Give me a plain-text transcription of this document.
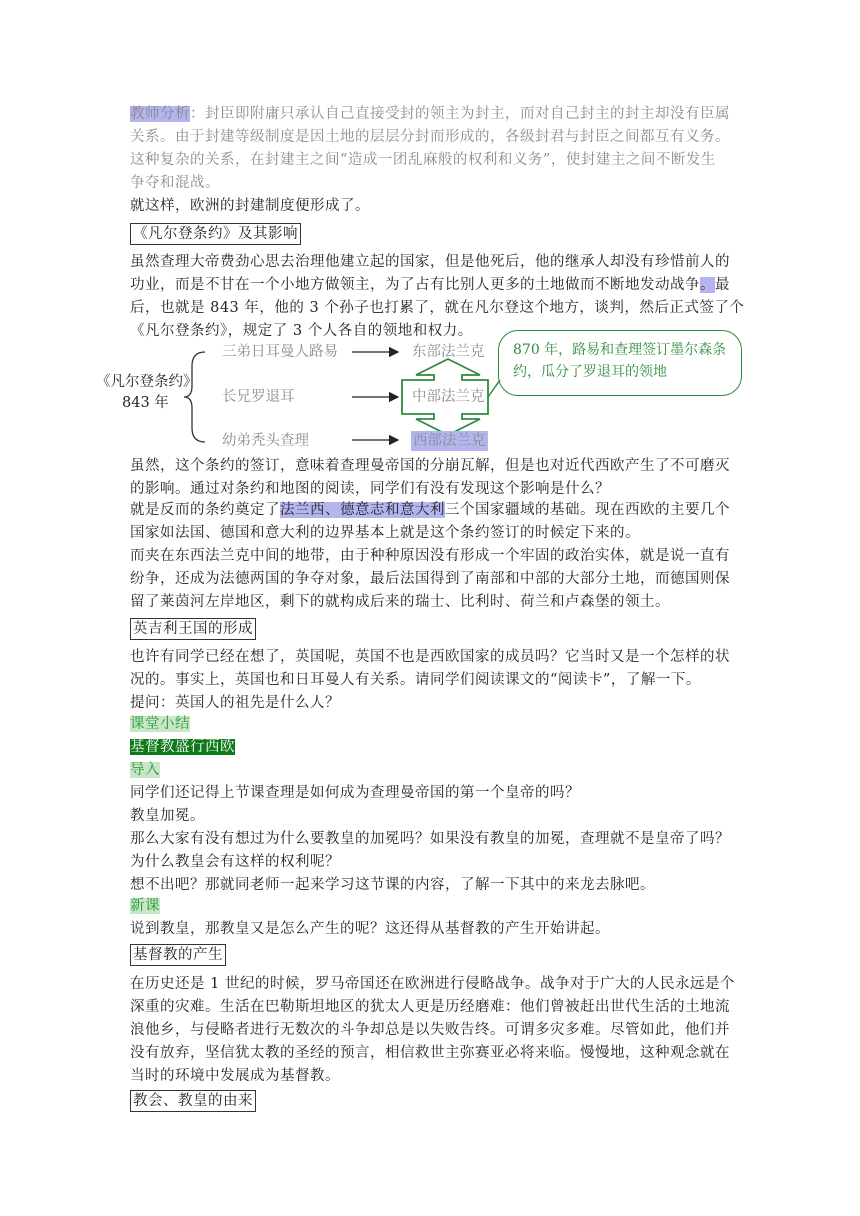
教师分析：封臣即附庸只承认自己直接受封的领主为封主，而对自己封主的封主却没有臣属
关系。由于封建等级制度是因土地的层层分封而形成的，各级封君与封臣之间都互有义务。
这种复杂的关系，在封建主之间“造成一团乱麻般的权利和义务”，使封建主之间不断发生
争夺和混战。
就这样，欧洲的封建制度便形成了。
《凡尔登条约》及其影响
虽然查理大帝费劲心思去治理他建立起的国家，但是他死后，他的继承人却没有珍惜前人的
功业，而是不甘在一个小地方做领主，为了占有比别人更多的土地做而不断地发动战争。最
后，也就是 843 年，他的 3 个孙子也打累了，就在凡尔登这个地方，谈判，然后正式签了个
《凡尔登条约》，规定了 3 个人各自的领地和权力。
《凡尔登条约》
843 年
三弟日耳曼人路易
长兄罗退耳
幼弟秃头查理
东部法兰克
中部法兰克
西部法兰克
870 年，路易和查理签订墨尔森条约，瓜分了罗退耳的领地
虽然，这个条约的签订，意味着查理曼帝国的分崩瓦解，但是也对近代西欧产生了不可磨灭
的影响。通过对条约和地图的阅读，同学们有没有发现这个影响是什么？
就是反而的条约奠定了法兰西、德意志和意大利三个国家疆域的基础。现在西欧的主要几个
国家如法国、德国和意大利的边界基本上就是这个条约签订的时候定下来的。
而夹在东西法兰克中间的地带，由于种种原因没有形成一个牢固的政治实体，就是说一直有
纷争，还成为法德两国的争夺对象，最后法国得到了南部和中部的大部分土地，而德国则保
留了莱茵河左岸地区，剩下的就构成后来的瑞士、比利时、荷兰和卢森堡的领土。
英吉利王国的形成
也许有同学已经在想了，英国呢，英国不也是西欧国家的成员吗？它当时又是一个怎样的状
况的。事实上，英国也和日耳曼人有关系。请同学们阅读课文的“阅读卡”，了解一下。
提问：英国人的祖先是什么人？
课堂小结
基督教盛行西欧
导入
同学们还记得上节课查理是如何成为查理曼帝国的第一个皇帝的吗？
教皇加冕。
那么大家有没有想过为什么要教皇的加冕吗？如果没有教皇的加冕，查理就不是皇帝了吗？
为什么教皇会有这样的权利呢？
想不出吧？那就同老师一起来学习这节课的内容，了解一下其中的来龙去脉吧。
新课
说到教皇，那教皇又是怎么产生的呢？这还得从基督教的产生开始讲起。
基督教的产生
在历史还是 1 世纪的时候，罗马帝国还在欧洲进行侵略战争。战争对于广大的人民永远是个
深重的灾难。生活在巴勒斯坦地区的犹太人更是历经磨难：他们曾被赶出世代生活的土地流
浪他乡，与侵略者进行无数次的斗争却总是以失败告终。可谓多灾多难。尽管如此，他们并
没有放弃，坚信犹太教的圣经的预言，相信救世主弥赛亚必将来临。慢慢地，这种观念就在
当时的环境中发展成为基督教。
教会、教皇的由来
